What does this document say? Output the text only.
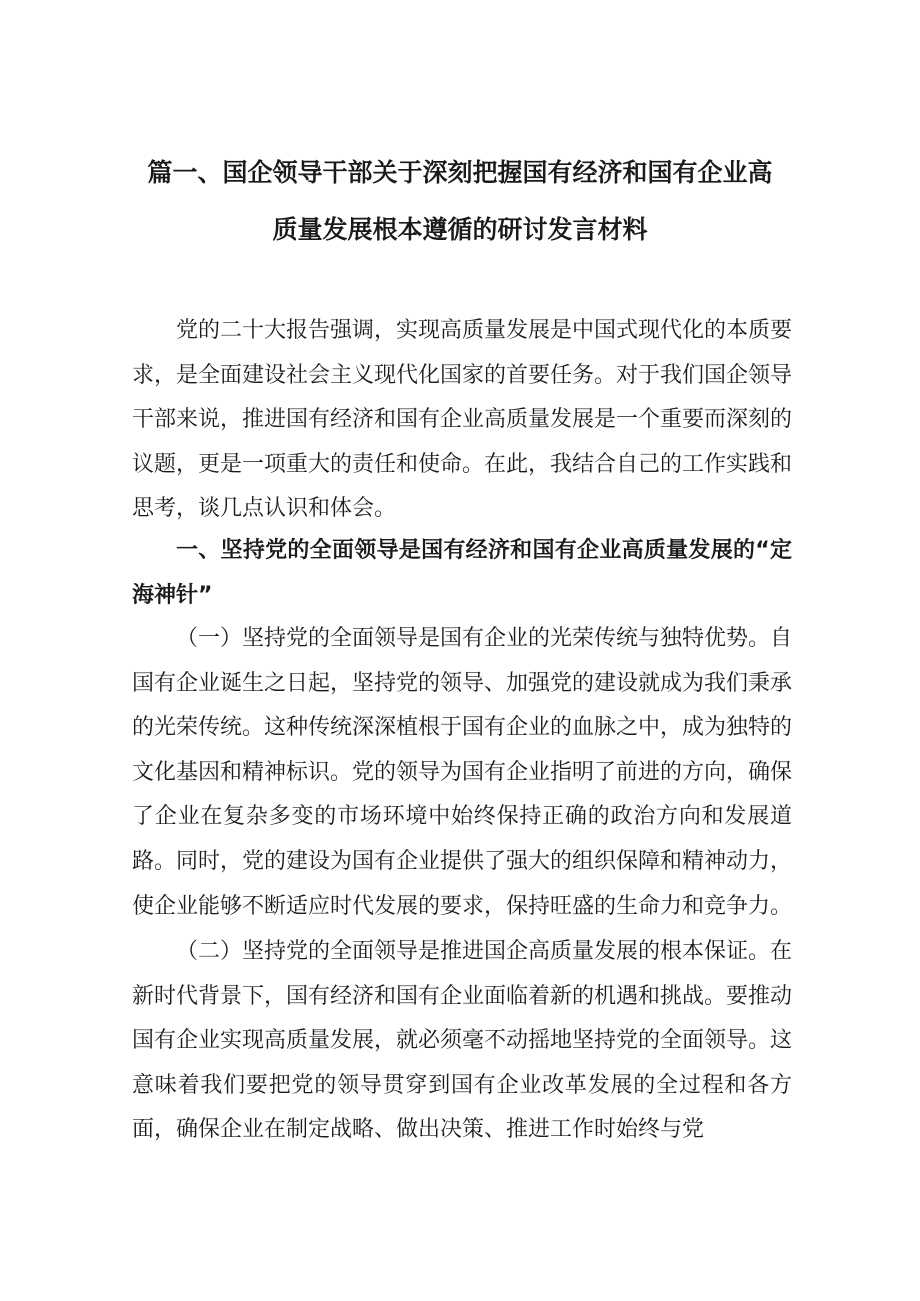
篇一、国企领导干部关于深刻把握国有经济和国有企业高
质量发展根本遵循的研讨发言材料
党的二十大报告强调，实现高质量发展是中国式现代化的本质要求，是全面建设社会主义现代化国家的首要任务。对于我们国企领导干部来说，推进国有经济和国有企业高质量发展是一个重要而深刻的议题，更是一项重大的责任和使命。在此，我结合自己的工作实践和思考，谈几点认识和体会。
一、坚持党的全面领导是国有经济和国有企业高质量发展的“定海神针”
（一）坚持党的全面领导是国有企业的光荣传统与独特优势。自国有企业诞生之日起，坚持党的领导、加强党的建设就成为我们秉承的光荣传统。这种传统深深植根于国有企业的血脉之中，成为独特的文化基因和精神标识。党的领导为国有企业指明了前进的方向，确保了企业在复杂多变的市场环境中始终保持正确的政治方向和发展道路。同时，党的建设为国有企业提供了强大的组织保障和精神动力，使企业能够不断适应时代发展的要求，保持旺盛的生命力和竞争力。
（二）坚持党的全面领导是推进国企高质量发展的根本保证。在新时代背景下，国有经济和国有企业面临着新的机遇和挑战。要推动国有企业实现高质量发展，就必须毫不动摇地坚持党的全面领导。这意味着我们要把党的领导贯穿到国有企业改革发展的全过程和各方面，确保企业在制定战略、做出决策、推进工作时始终与党
